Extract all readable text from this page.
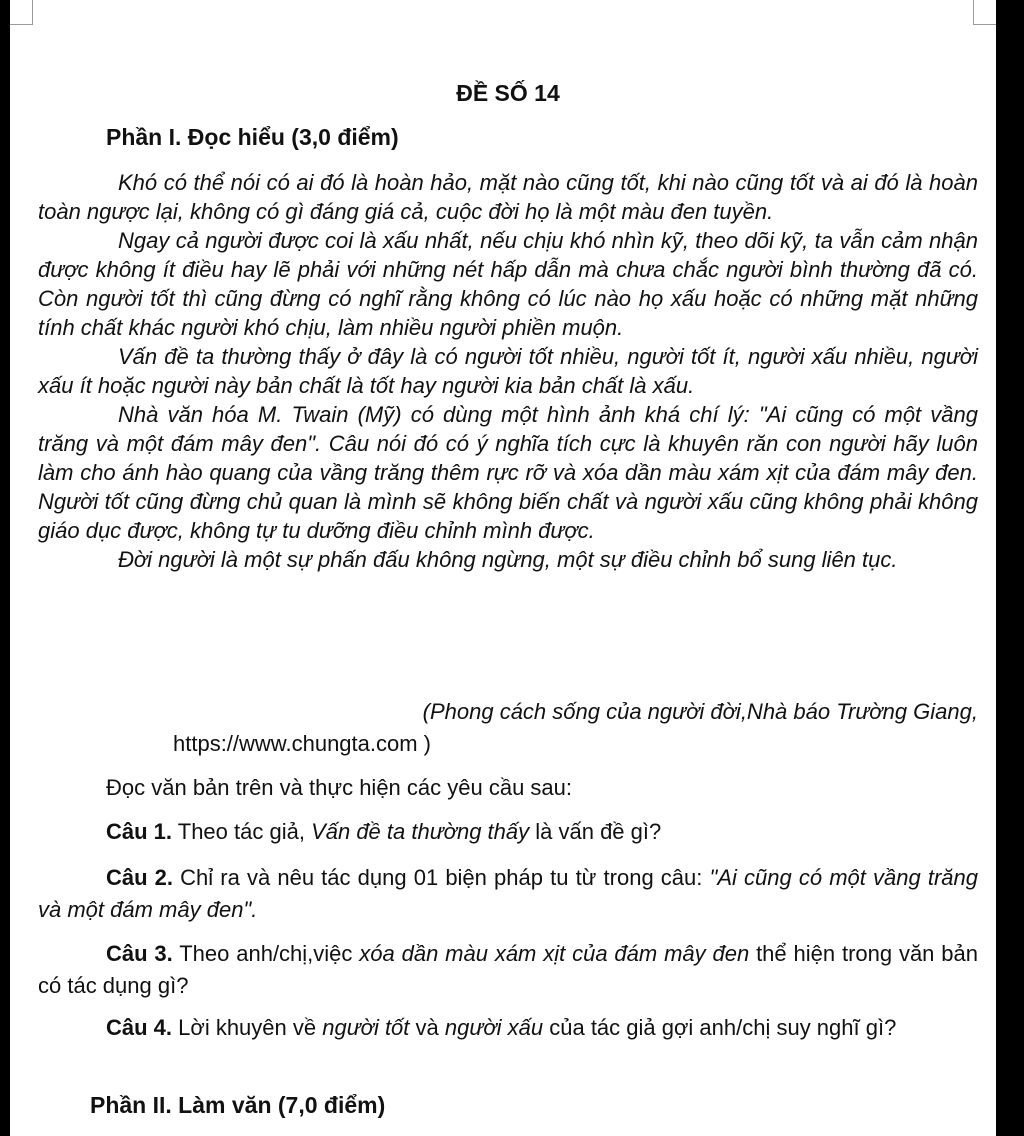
ĐỀ SỐ 14
Phần I. Đọc hiểu (3,0 điểm)
Khó có thể nói có ai đó là hoàn hảo, mặt nào cũng tốt, khi nào cũng tốt và ai đó là hoàn toàn ngược lại, không có gì đáng giá cả, cuộc đời họ là một màu đen tuyền.
Ngay cả người được coi là xấu nhất, nếu chịu khó nhìn kỹ, theo dõi kỹ, ta vẫn cảm nhận được không ít điều hay lẽ phải với những nét hấp dẫn mà chưa chắc người bình thường đã có. Còn người tốt thì cũng đừng có nghĩ rằng không có lúc nào họ xấu hoặc có những mặt những tính chất khác người khó chịu, làm nhiều người phiền muộn.
Vấn đề ta thường thấy ở đây là có người tốt nhiều, người tốt ít, người xấu nhiều, người xấu ít hoặc người này bản chất là tốt hay người kia bản chất là xấu.
Nhà văn hóa M. Twain (Mỹ) có dùng một hình ảnh khá chí lý: "Ai cũng có một vầng trăng và một đám mây đen". Câu nói đó có ý nghĩa tích cực là khuyên răn con người hãy luôn làm cho ánh hào quang của vầng trăng thêm rực rỡ và xóa dần màu xám xịt của đám mây đen. Người tốt cũng đừng chủ quan là mình sẽ không biến chất và người xấu cũng không phải không giáo dục được, không tự tu dưỡng điều chỉnh mình được.
Đời người là một sự phấn đấu không ngừng, một sự điều chỉnh bổ sung liên tục.
(Phong cách sống của người đời,Nhà báo Trường Giang,
https://www.chungta.com )
Đọc văn bản trên và thực hiện các yêu cầu sau:
Câu 1. Theo tác giả, Vấn đề ta thường thấy là vấn đề gì?
Câu 2. Chỉ ra và nêu tác dụng 01 biện pháp tu từ trong câu: "Ai cũng có một vầng trăng và một đám mây đen".
Câu 3. Theo anh/chị,việc xóa dần màu xám xịt của đám mây đen thể hiện trong văn bản có tác dụng gì?
Câu 4. Lời khuyên về người tốt và người xấu của tác giả gợi anh/chị suy nghĩ gì?
Phần II. Làm văn (7,0 điểm)
